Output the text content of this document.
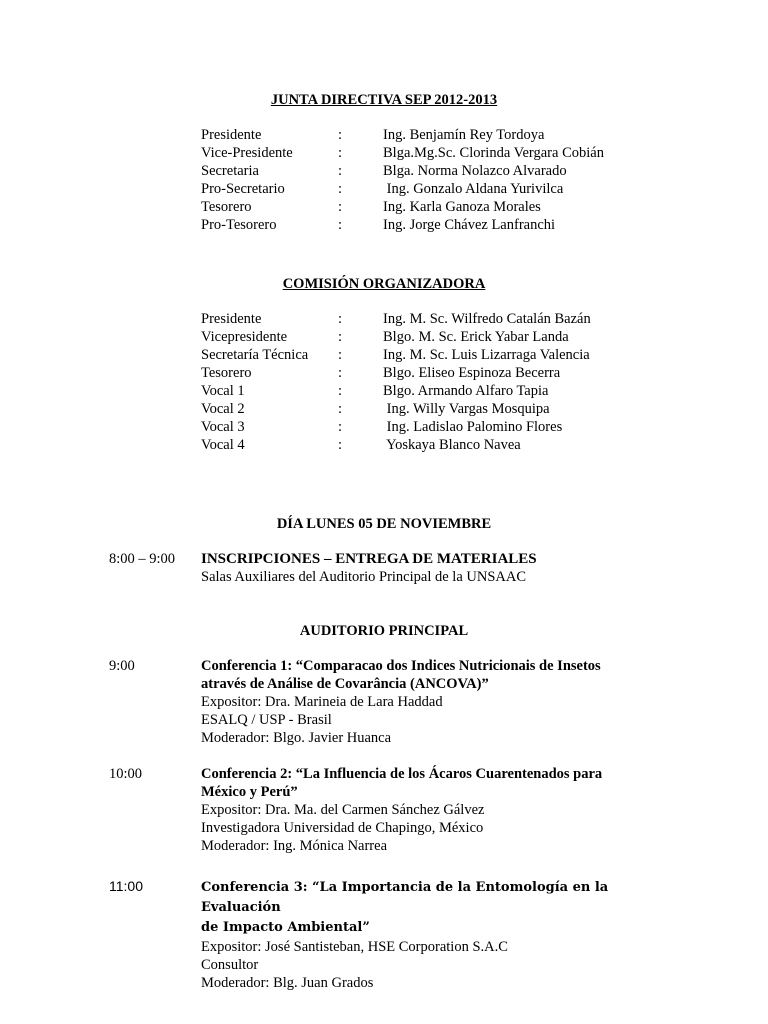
JUNTA DIRECTIVA SEP 2012-2013
Presidente	:	Ing. Benjamín Rey Tordoya
Vice-Presidente	:	Blga.Mg.Sc. Clorinda Vergara Cobián
Secretaria	:	Blga. Norma Nolazco Alvarado
Pro-Secretario	:	Ing. Gonzalo Aldana Yurivilca
Tesorero	:	Ing. Karla Ganoza Morales
Pro-Tesorero	:	Ing. Jorge Chávez Lanfranchi
COMISIÓN ORGANIZADORA
Presidente	:	Ing. M. Sc. Wilfredo Catalán Bazán
Vicepresidente	:	Blgo. M. Sc. Erick Yabar Landa
Secretaría Técnica :	Ing. M. Sc. Luis Lizarraga Valencia
Tesorero	:	Blgo. Eliseo Espinoza Becerra
Vocal 1	:	Blgo. Armando Alfaro Tapia
Vocal 2	:	Ing. Willy Vargas Mosquipa
Vocal 3	:	Ing. Ladislao Palomino Flores
Vocal 4	:	Yoskaya Blanco Navea
DÍA LUNES 05 DE NOVIEMBRE
8:00 – 9:00 INSCRIPCIONES – ENTREGA DE MATERIALES
Salas Auxiliares del Auditorio Principal de la UNSAAC
AUDITORIO PRINCIPAL
9:00	Conferencia 1: “Comparacao dos Indices Nutricionais de Insetos
através de Análise de Covarância (ANCOVA)”
Expositor: Dra. Marineia de Lara Haddad
ESALQ / USP - Brasil
Moderador: Blgo. Javier Huanca
10:00	Conferencia 2: “La Influencia de los Ácaros Cuarentenados para
México y Perú”
Expositor: Dra. Ma. del Carmen Sánchez Gálvez
Investigadora Universidad de Chapingo, México
Moderador: Ing. Mónica Narrea
11:00	Conferencia 3: “La Importancia de la Entomología en la Evaluación
de Impacto Ambiental”
Expositor: José Santisteban, HSE Corporation S.A.C
Consultor
Moderador: Blg. Juan Grados
